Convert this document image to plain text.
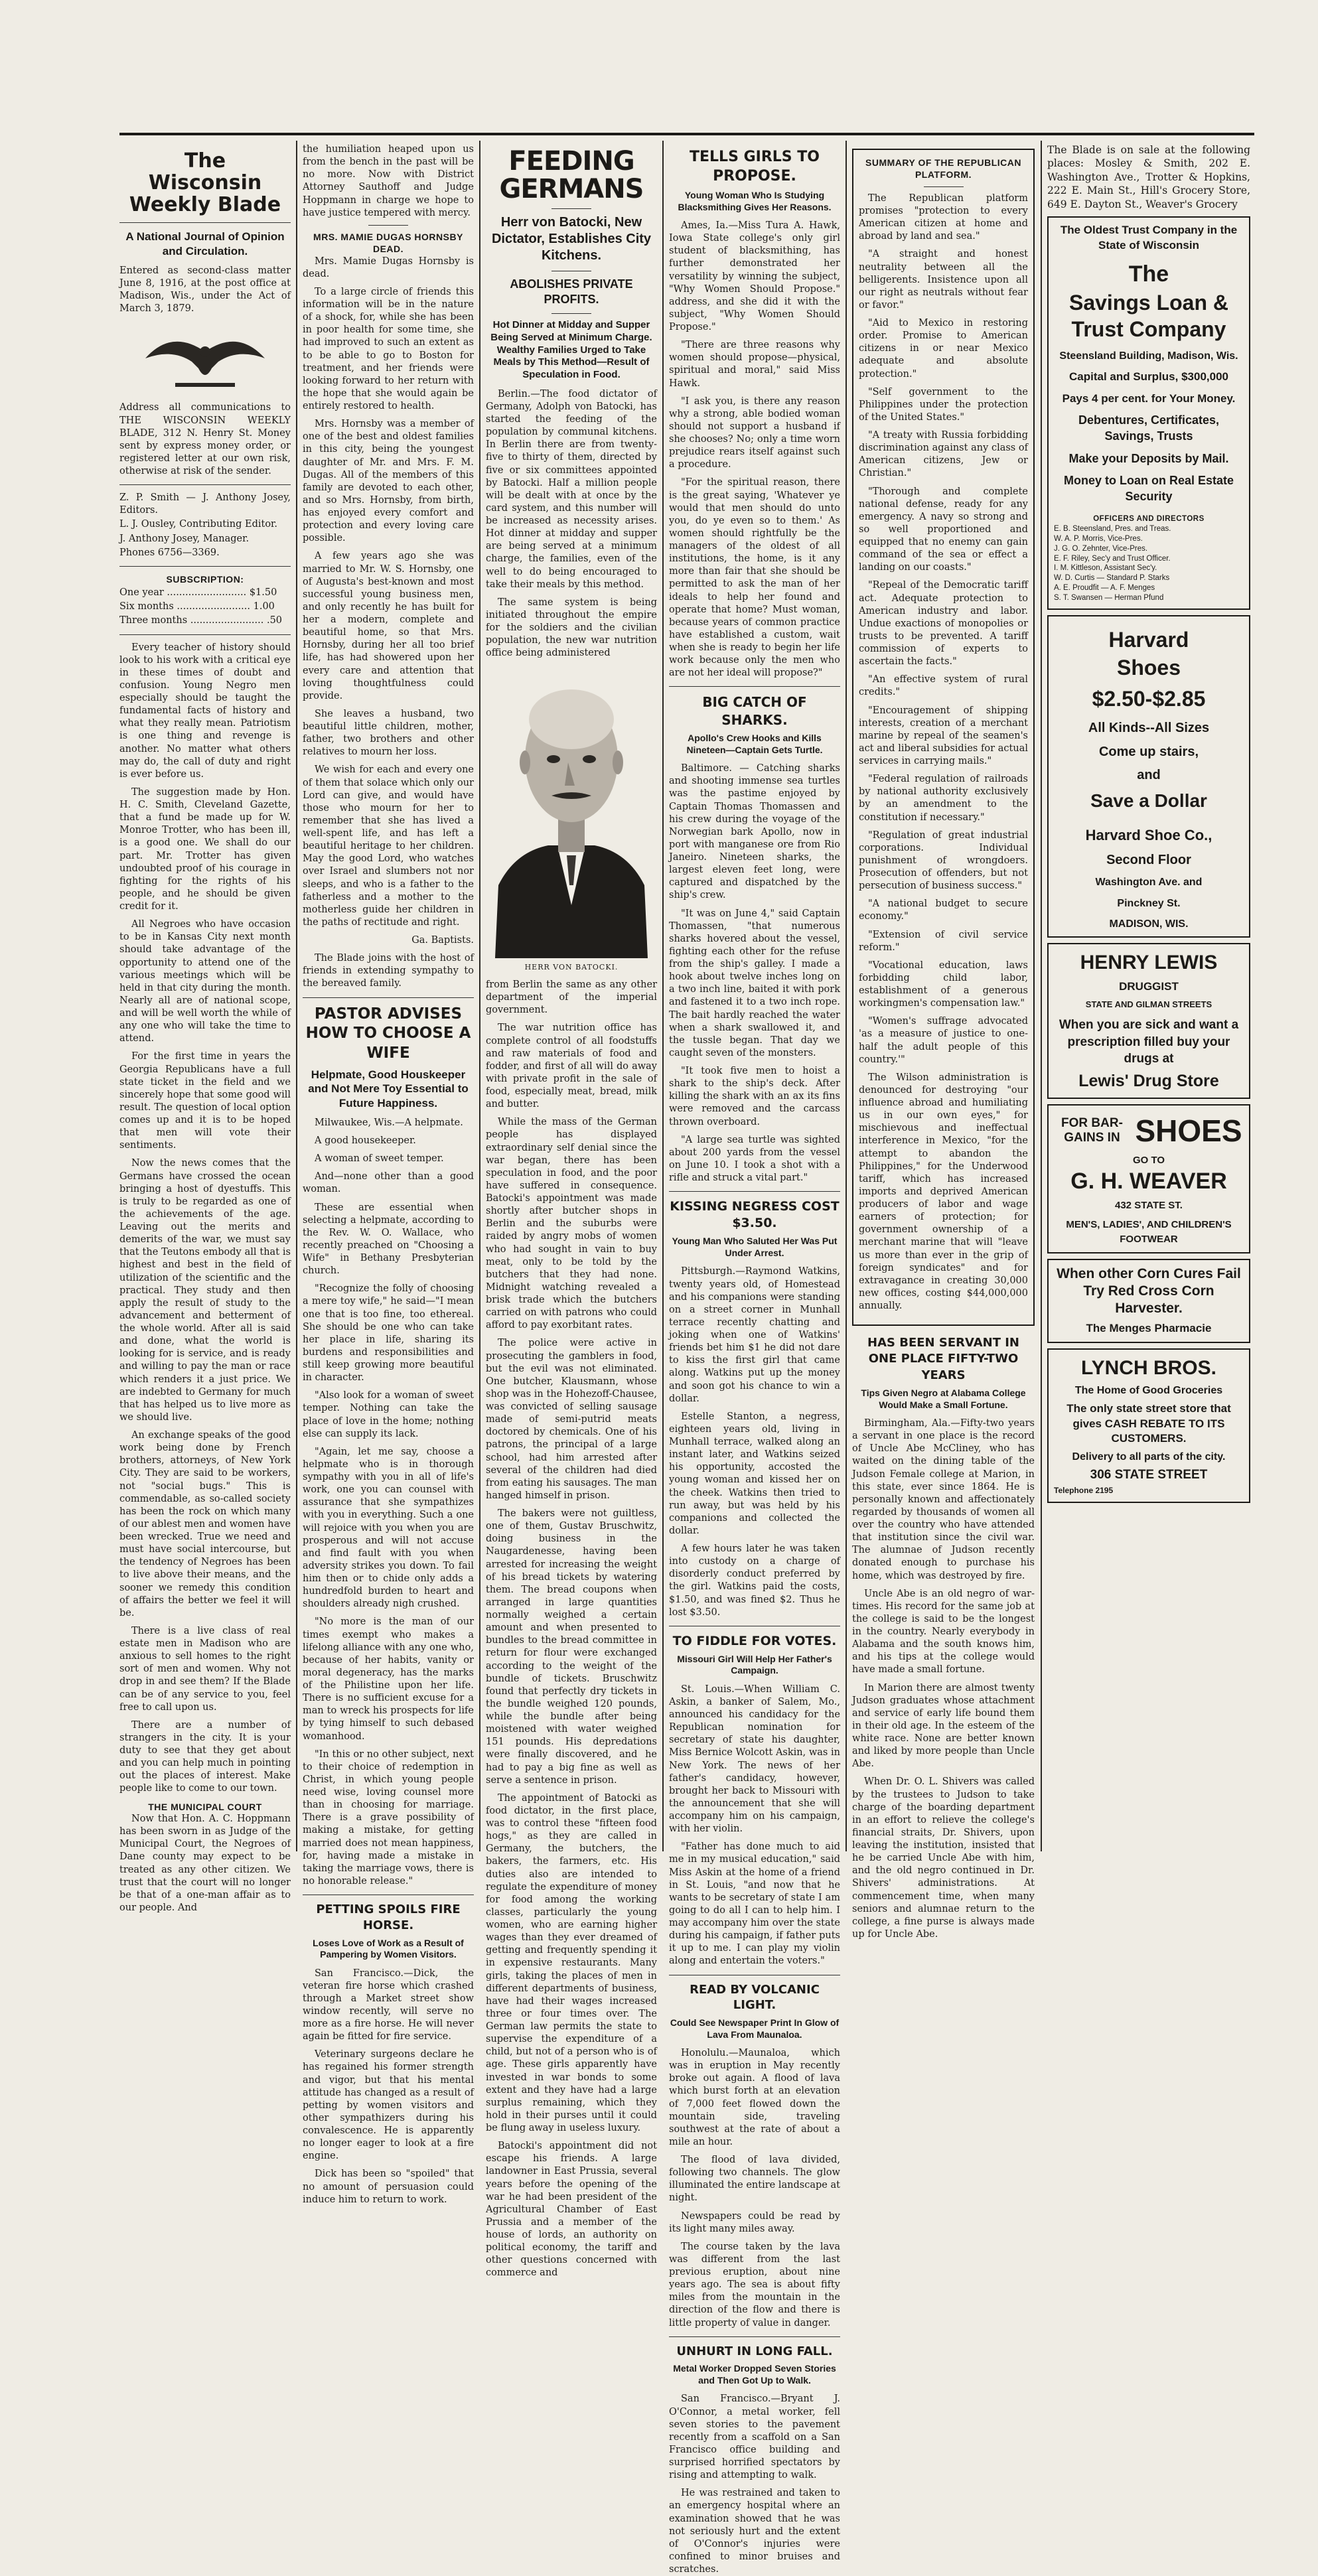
The
Wisconsin Weekly Blade
A National Journal of Opinion and Circulation.

Entered as second-class matter June 8, 1916, at the post office at Madison, Wis., under the Act of March 3, 1879.

Address all communications to THE WISCONSIN WEEKLY BLADE, 312 N. Henry St. Money sent by express money order, or registered letter at our own risk, otherwise at risk of the sender.

Z. P. Smith — J. Anthony Josey, Editors.
L. J. Ousley, Contributing Editor.
J. Anthony Josey, Manager.
Phones 6756—3369.
SUBSCRIPTION:
One year .......................... $1.50
Six months ........................ 1.00
Three months ........................ .50

Every teacher of history should look to his work with a critical eye in these times of doubt and confusion. Young Negro men especially should be taught the fundamental facts of history and what they really mean. Patriotism is one thing and revenge is another. No matter what others may do, the call of duty and right is ever before us.

The suggestion made by Hon. H. C. Smith, Cleveland Gazette, that a fund be made up for W. Monroe Trotter, who has been ill, is a good one. We shall do our part. Mr. Trotter has given undoubted proof of his courage in fighting for the rights of his people, and he should be given credit for it.

All Negroes who have occasion to be in Kansas City next month should take advantage of the opportunity to attend one of the various meetings which will be held in that city during the month. Nearly all are of national scope, and will be well worth the while of any one who will take the time to attend.

For the first time in years the Georgia Republicans have a full state ticket in the field and we sincerely hope that some good will result. The question of local option comes up and it is to be hoped that men will vote their sentiments.

Now the news comes that the Germans have crossed the ocean bringing a host of dyestuffs. This is truly to be regarded as one of the achievements of the age. Leaving out the merits and demerits of the war, we must say that the Teutons embody all that is highest and best in the field of utilization of the scientific and the practical. They study and then apply the result of study to the advancement and betterment of the whole world. After all is said and done, what the world is looking for is service, and is ready and willing to pay the man or race which renders it a just price. We are indebted to Germany for much that has helped us to live more as we should live.

An exchange speaks of the good work being done by French brothers, attorneys, of New York City. They are said to be workers, not "social bugs." This is commendable, as so-called society has been the rock on which many of our ablest men and women have been wrecked. True we need and must have social intercourse, but the tendency of Negroes has been to live above their means, and the sooner we remedy this condition of affairs the better we feel it will be.

There is a live class of real estate men in Madison who are anxious to sell homes to the right sort of men and women. Why not drop in and see them? If the Blade can be of any service to you, feel free to call upon us.

There are a number of strangers in the city. It is your duty to see that they get about and you can help much in pointing out the places of interest. Make people like to come to our town.

THE MUNICIPAL COURT

Now that Hon. A. C. Hoppmann has been sworn in as Judge of the Municipal Court, the Negroes of Dane county may expect to be treated as any other citizen. We trust that the court will no longer be that of a one-man affair as to our people. And

the humiliation heaped upon us from the bench in the past will be no more. Now with District Attorney Sauthoff and Judge Hoppmann in charge we hope to have justice tempered with mercy.

MRS. MAMIE DUGAS HORNSBY
DEAD.

Mrs. Mamie Dugas Hornsby is dead.

To a large circle of friends this information will be in the nature of a shock, for, while she has been in poor health for some time, she had improved to such an extent as to be able to go to Boston for treatment, and her friends were looking forward to her return with the hope that she would again be entirely restored to health.

Mrs. Hornsby was a member of one of the best and oldest families in this city, being the youngest daughter of Mr. and Mrs. F. M. Dugas. All of the members of this family are devoted to each other, and so Mrs. Hornsby, from birth, has enjoyed every comfort and protection and every loving care possible.

A few years ago she was married to Mr. W. S. Hornsby, one of Augusta's best-known and most successful young business men, and only recently he has built for her a modern, complete and beautiful home, so that Mrs. Hornsby, during her all too brief life, has had showered upon her every care and attention that loving thoughtfulness could provide.

She leaves a husband, two beautiful little children, mother, father, two brothers and other relatives to mourn her loss.

We wish for each and every one of them that solace which only our Lord can give, and would have those who mourn for her to remember that she has lived a well-spent life, and has left a beautiful heritage to her children. May the good Lord, who watches over Israel and slumbers not nor sleeps, and who is a father to the fatherless and a mother to the motherless guide her children in the paths of rectitude and right.

Ga. Baptists.

The Blade joins with the host of friends in extending sympathy to the bereaved family.

PASTOR ADVISES HOW TO CHOOSE A WIFE
Helpmate, Good Houskeeper and Not Mere Toy Essential to Future Happiness.

Milwaukee, Wis.—A helpmate.

A good housekeeper.

A woman of sweet temper.

And—none other than a good woman.

These are essential when selecting a helpmate, according to the Rev. W. O. Wallace, who recently preached on "Choosing a Wife" in Bethany Presbyterian church.

"Recognize the folly of choosing a mere toy wife," he said—"I mean one that is too fine, too ethereal. She should be one who can take her place in life, sharing its burdens and responsibilities and still keep growing more beautiful in character.

"Also look for a woman of sweet temper. Nothing can take the place of love in the home; nothing else can supply its lack.

"Again, let me say, choose a helpmate who is in thorough sympathy with you in all of life's work, one you can counsel with assurance that she sympathizes with you in everything. Such a one will rejoice with you when you are prosperous and will not accuse and find fault with you when adversity strikes you down. To fail him then or to chide only adds a hundredfold burden to heart and shoulders already nigh crushed.

"No more is the man of our times exempt who makes a lifelong alliance with any one who, because of her habits, vanity or moral degeneracy, has the marks of the Philistine upon her life. There is no sufficient excuse for a man to wreck his prospects for life by tying himself to such debased womanhood.

"In this or no other subject, next to their choice of redemption in Christ, in which young people need wise, loving counsel more than in choosing for marriage. There is a grave possibility of making a mistake, for getting married does not mean happiness, for, having made a mistake in taking the marriage vows, there is no honorable release."

PETTING SPOILS FIRE HORSE.
Loses Love of Work as a Result of Pampering by Women Visitors.

San Francisco.—Dick, the veteran fire horse which crashed through a Market street show window recently, will serve no more as a fire horse. He will never again be fitted for fire service.

Veterinary surgeons declare he has regained his former strength and vigor, but that his mental attitude has changed as a result of petting by women visitors and other sympathizers during his convalescence. He is apparently no longer eager to look at a fire engine.

Dick has been so "spoiled" that no amount of persuasion could induce him to return to work.

FEEDING GERMANS
Herr von Batocki, New Dictator, Establishes City Kitchens.
ABOLISHES PRIVATE PROFITS.
Hot Dinner at Midday and Supper Being Served at Minimum Charge. Wealthy Families Urged to Take Meals by This Method—Result of Speculation in Food.

Berlin.—The food dictator of Germany, Adolph von Batocki, has started the feeding of the population by communal kitchens. In Berlin there are from twenty-five to thirty of them, directed by five or six committees appointed by Batocki. Half a million people will be dealt with at once by the card system, and this number will be increased as necessity arises. Hot dinner at midday and supper are being served at a minimum charge, the families, even of the well to do being encouraged to take their meals by this method.

The same system is being initiated throughout the empire for the soldiers and the civilian population, the new war nutrition office being administered

HERR VON BATOCKI.

from Berlin the same as any other department of the imperial government.

The war nutrition office has complete control of all foodstuffs and raw materials of food and fodder, and first of all will do away with private profit in the sale of food, especially meat, bread, milk and butter.

While the mass of the German people has displayed extraordinary self denial since the war began, there has been speculation in food, and the poor have suffered in consequence. Batocki's appointment was made shortly after butcher shops in Berlin and the suburbs were raided by angry mobs of women who had sought in vain to buy meat, only to be told by the butchers that they had none. Midnight watching revealed a brisk trade which the butchers carried on with patrons who could afford to pay exorbitant rates.

The police were active in prosecuting the gamblers in food, but the evil was not eliminated. One butcher, Klausmann, whose shop was in the Hohezoff-Chausee, was convicted of selling sausage made of semi-putrid meats doctored by chemicals. One of his patrons, the principal of a large school, had him arrested after several of the children had died from eating his sausages. The man hanged himself in prison.

The bakers were not guiltless, one of them, Gustav Bruschwitz, doing business in the Naugardenesse, having been arrested for increasing the weight of his bread tickets by watering them. The bread coupons when arranged in large quantities normally weighed a certain amount and when presented to bundles to the bread committee in return for flour were exchanged according to the weight of the bundle of tickets. Bruschwitz found that perfectly dry tickets in the bundle weighed 120 pounds, while the bundle after being moistened with water weighed 151 pounds. His depredations were finally discovered, and he had to pay a big fine as well as serve a sentence in prison.

The appointment of Batocki as food dictator, in the first place, was to control these "fifteen food hogs," as they are called in Germany, the butchers, the bakers, the farmers, etc. His duties also are intended to regulate the expenditure of money for food among the working classes, particularly the young women, who are earning higher wages than they ever dreamed of getting and frequently spending it in expensive restaurants. Many girls, taking the places of men in different departments of business, have had their wages increased three or four times over. The German law permits the state to supervise the expenditure of a child, but not of a person who is of age. These girls apparently have invested in war bonds to some extent and they have had a large surplus remaining, which they hold in their purses until it could be flung away in useless luxury.

Batocki's appointment did not escape his friends. A large landowner in East Prussia, several years before the opening of the war he had been president of the Agricultural Chamber of East Prussia and a member of the house of lords, an authority on political economy, the tariff and other questions concerned with commerce and

TELLS GIRLS TO PROPOSE.
Young Woman Who Is Studying Blacksmithing Gives Her Reasons.

Ames, Ia.—Miss Tura A. Hawk, Iowa State college's only girl student of blacksmithing, has further demonstrated her versatility by winning the subject, "Why Women Should Propose." address, and she did it with the subject, "Why Women Should Propose."

"There are three reasons why women should propose—physical, spiritual and moral," said Miss Hawk.

"I ask you, is there any reason why a strong, able bodied woman should not support a husband if she chooses? No; only a time worn prejudice rears itself against such a procedure.

"For the spiritual reason, there is the great saying, 'Whatever ye would that men should do unto you, do ye even so to them.' As women should rightfully be the managers of the oldest of all institutions, the home, is it any more than fair that she should be permitted to ask the man of her ideals to help her found and operate that home? Must woman, because years of common practice have established a custom, wait when she is ready to begin her life work because only the men who are not her ideal will propose?"

BIG CATCH OF SHARKS.
Apollo's Crew Hooks and Kills Nineteen—Captain Gets Turtle.

Baltimore. — Catching sharks and shooting immense sea turtles was the pastime enjoyed by Captain Thomas Thomassen and his crew during the voyage of the Norwegian bark Apollo, now in port with manganese ore from Rio Janeiro. Nineteen sharks, the largest eleven feet long, were captured and dispatched by the ship's crew.

"It was on June 4," said Captain Thomassen, "that numerous sharks hovered about the vessel, fighting each other for the refuse from the ship's galley. I made a hook about twelve inches long on a two inch line, baited it with pork and fastened it to a two inch rope. The bait hardly reached the water when a shark swallowed it, and the tussle began. That day we caught seven of the monsters.

"It took five men to hoist a shark to the ship's deck. After killing the shark with an ax its fins were removed and the carcass thrown overboard.

"A large sea turtle was sighted about 200 yards from the vessel on June 10. I took a shot with a rifle and struck a vital part."

KISSING NEGRESS COST $3.50.
Young Man Who Saluted Her Was Put Under Arrest.

Pittsburgh.—Raymond Watkins, twenty years old, of Homestead and his companions were standing on a street corner in Munhall terrace recently chatting and joking when one of Watkins' friends bet him $1 he did not dare to kiss the first girl that came along. Watkins put up the money and soon got his chance to win a dollar.

Estelle Stanton, a negress, eighteen years old, living in Munhall terrace, walked along an instant later, and Watkins seized his opportunity, accosted the young woman and kissed her on the cheek. Watkins then tried to run away, but was held by his companions and collected the dollar.

A few hours later he was taken into custody on a charge of disorderly conduct preferred by the girl. Watkins paid the costs, $1.50, and was fined $2. Thus he lost $3.50.

TO FIDDLE FOR VOTES.
Missouri Girl Will Help Her Father's Campaign.

St. Louis.—When William C. Askin, a banker of Salem, Mo., announced his candidacy for the Republican nomination for secretary of state his daughter, Miss Bernice Wolcott Askin, was in New York. The news of her father's candidacy, however, brought her back to Missouri with the announcement that she will accompany him on his campaign, with her violin.

"Father has done much to aid me in my musical education," said Miss Askin at the home of a friend in St. Louis, "and now that he wants to be secretary of state I am going to do all I can to help him. I may accompany him over the state during his campaign, if father puts it up to me. I can play my violin along and entertain the voters."

READ BY VOLCANIC LIGHT.
Could See Newspaper Print In Glow of Lava From Maunaloa.

Honolulu.—Maunaloa, which was in eruption in May recently broke out again. A flood of lava which burst forth at an elevation of 7,000 feet flowed down the mountain side, traveling southwest at the rate of about a mile an hour.

The flood of lava divided, following two channels. The glow illuminated the entire landscape at night.

Newspapers could be read by its light many miles away.

The course taken by the lava was different from the last previous eruption, about nine years ago. The sea is about fifty miles from the mountain in the direction of the flow and there is little property of value in danger.

UNHURT IN LONG FALL.
Metal Worker Dropped Seven Stories and Then Got Up to Walk.

San Francisco.—Bryant J. O'Connor, a metal worker, fell seven stories to the pavement recently from a scaffold on a San Francisco office building and surprised horrified spectators by rising and attempting to walk.

He was restrained and taken to an emergency hospital where an examination showed that he was not seriously hurt and the extent of O'Connor's injuries were confined to minor bruises and scratches.

SUMMARY OF THE REPUBLICAN PLATFORM.

The Republican platform promises "protection to every American citizen at home and abroad by land and sea."

"A straight and honest neutrality between all the belligerents. Insistence upon all our right as neutrals without fear or favor."

"Aid to Mexico in restoring order. Promise to American citizens in or near Mexico adequate and absolute protection."

"Self government to the Philippines under the protection of the United States."

"A treaty with Russia forbidding discrimination against any class of American citizens, Jew or Christian."

"Thorough and complete national defense, ready for any emergency. A navy so strong and so well proportioned and equipped that no enemy can gain command of the sea or effect a landing on our coasts."

"Repeal of the Democratic tariff act. Adequate protection to American industry and labor. Undue exactions of monopolies or trusts to be prevented. A tariff commission of experts to ascertain the facts."

"An effective system of rural credits."

"Encouragement of shipping interests, creation of a merchant marine by repeal of the seamen's act and liberal subsidies for actual services in carrying mails."

"Federal regulation of railroads by national authority exclusively by an amendment to the constitution if necessary."

"Regulation of great industrial corporations. Individual punishment of wrongdoers. Prosecution of offenders, but not persecution of business success."

"A national budget to secure economy."

"Extension of civil service reform."

"Vocational education, laws forbidding child labor, establishment of a generous workingmen's compensation law."

"Women's suffrage advocated 'as a measure of justice to one-half the adult people of this country.'"

The Wilson administration is denounced for destroying "our influence abroad and humiliating us in our own eyes," for mischievous and ineffectual interference in Mexico, "for the attempt to abandon the Philippines," for the Underwood tariff, which has increased imports and deprived American producers of labor and wage earners of protection; for government ownership of a merchant marine that will "leave us more than ever in the grip of foreign syndicates" and for extravagance in creating 30,000 new offices, costing $44,000,000 annually.

HAS BEEN SERVANT IN ONE PLACE FIFTY-TWO YEARS
Tips Given Negro at Alabama College Would Make a Small Fortune.

Birmingham, Ala.—Fifty-two years a servant in one place is the record of Uncle Abe McCliney, who has waited on the dining table of the Judson Female college at Marion, in this state, ever since 1864. He is personally known and affectionately regarded by thousands of women all over the country who have attended that institution since the civil war. The alumnae of Judson recently donated enough to purchase his home, which was destroyed by fire.

Uncle Abe is an old negro of war-times. His record for the same job at the college is said to be the longest in the country. Nearly everybody in Alabama and the south knows him, and his tips at the college would have made a small fortune.

In Marion there are almost twenty Judson graduates whose attachment and service of early life bound them in their old age. In the esteem of the white race. None are better known and liked by more people than Uncle Abe.

When Dr. O. L. Shivers was called by the trustees to Judson to take charge of the boarding department in an effort to relieve the college's financial straits, Dr. Shivers, upon leaving the institution, insisted that he be carried Uncle Abe with him, and the old negro continued in Dr. Shivers' administrations. At commencement time, when many seniors and alumnae return to the college, a fine purse is always made up for Uncle Abe.

The Blade is on sale at the following places: Mosley & Smith, 202 E. Washington Ave., Trotter & Hopkins, 222 E. Main St., Hill's Grocery Store, 649 E. Dayton St., Weaver's Grocery

The Oldest Trust Company in the State of Wisconsin
The
Savings Loan & Trust Company
Steensland Building, Madison, Wis.
Capital and Surplus, $300,000
Pays 4 per cent. for Your Money.
Debentures, Certificates, Savings, Trusts
Make your Deposits by Mail.
Money to Loan on Real Estate Security
OFFICERS AND DIRECTORS
E. B. Steensland, Pres. and Treas.
W. A. P. Morris, Vice-Pres.
J. G. O. Zehnter, Vice-Pres.
E. F. Riley, Sec'y and Trust Officer.
I. M. Kittleson, Assistant Sec'y.
W. D. Curtis — Standard P. Starks
A. E. Proudfit — A. F. Menges
S. T. Swansen — Herman Pfund
Harvard
Shoes
$2.50-$2.85
All Kinds--All Sizes
Come up stairs,
and
Save a Dollar
Harvard Shoe Co.,
Second Floor
Washington Ave. and
Pinckney St.
MADISON, WIS.
HENRY LEWIS
DRUGGIST
STATE AND GILMAN STREETS
When you are sick and want a prescription filled buy your drugs at
Lewis' Drug Store
FOR BAR-GAINS IN SHOES
GO TO
G. H. WEAVER
432 STATE ST.
MEN'S, LADIES', AND CHILDREN'S FOOTWEAR
When other Corn Cures Fail Try Red Cross Corn Harvester.
The Menges Pharmacie
LYNCH BROS.
The Home of Good Groceries
The only state street store that gives CASH REBATE TO ITS CUSTOMERS.
Delivery to all parts of the city.
306 STATE STREET
Telephone 2195
